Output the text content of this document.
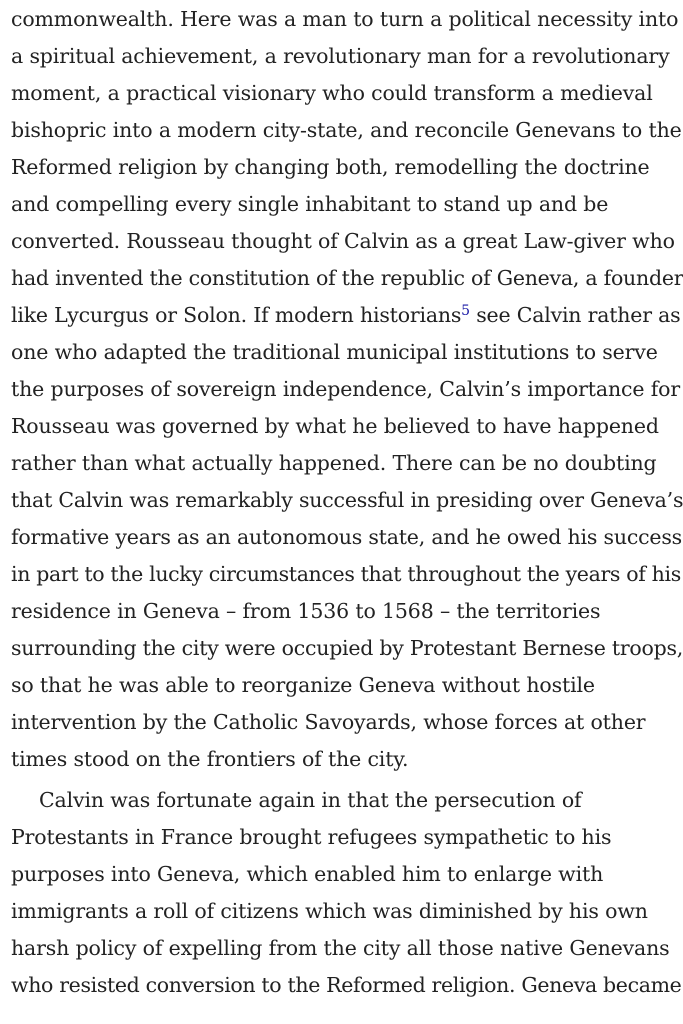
commonwealth. Here was a man to turn a political necessity into
a spiritual achievement, a revolutionary man for a revolutionary
moment, a practical visionary who could transform a medieval
bishopric into a modern city-state, and reconcile Genevans to the
Reformed religion by changing both, remodelling the doctrine
and compelling every single inhabitant to stand up and be
converted. Rousseau thought of Calvin as a great Law-giver who
had invented the constitution of the republic of Geneva, a founder
like Lycurgus or Solon. If modern historians$^5$ see Calvin rather as
one who adapted the traditional municipal institutions to serve
the purposes of sovereign independence, Calvin’s importance for
Rousseau was governed by what he believed to have happened
rather than what actually happened. There can be no doubting
that Calvin was remarkably successful in presiding over Geneva’s
formative years as an autonomous state, and he owed his success
in part to the lucky circumstances that throughout the years of his
residence in Geneva – from 1536 to 1568 – the territories
surrounding the city were occupied by Protestant Bernese troops,
so that he was able to reorganize Geneva without hostile
intervention by the Catholic Savoyards, whose forces at other
times stood on the frontiers of the city.
Calvin was fortunate again in that the persecution of
Protestants in France brought refugees sympathetic to his
purposes into Geneva, which enabled him to enlarge with
immigrants a roll of citizens which was diminished by his own
harsh policy of expelling from the city all those native Genevans
who resisted conversion to the Reformed religion. Geneva became
